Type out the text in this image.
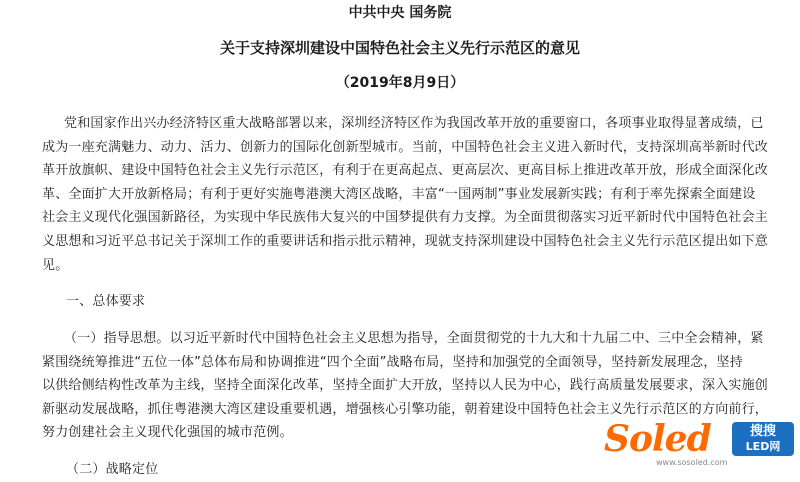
中共中央 国务院
关于支持深圳建设中国特色社会主义先行示范区的意见
（2019年8月9日）
党和国家作出兴办经济特区重大战略部署以来，深圳经济特区作为我国改革开放的重要窗口，各项事业取得显著成绩，已
成为一座充满魅力、动力、活力、创新力的国际化创新型城市。当前，中国特色社会主义进入新时代，支持深圳高举新时代改
革开放旗帜、建设中国特色社会主义先行示范区，有利于在更高起点、更高层次、更高目标上推进改革开放，形成全面深化改
革、全面扩大开放新格局；有利于更好实施粤港澳大湾区战略，丰富“一国两制”事业发展新实践；有利于率先探索全面建设
社会主义现代化强国新路径，为实现中华民族伟大复兴的中国梦提供有力支撑。为全面贯彻落实习近平新时代中国特色社会主
义思想和习近平总书记关于深圳工作的重要讲话和指示批示精神，现就支持深圳建设中国特色社会主义先行示范区提出如下意
见。
一、总体要求
（一）指导思想。以习近平新时代中国特色社会主义思想为指导，全面贯彻党的十九大和十九届二中、三中全会精神，紧
紧围绕统筹推进“五位一体”总体布局和协调推进“四个全面”战略布局，坚持和加强党的全面领导，坚持新发展理念，坚持
以供给侧结构性改革为主线，坚持全面深化改革，坚持全面扩大开放，坚持以人民为中心，践行高质量发展要求，深入实施创
新驱动发展战略，抓住粤港澳大湾区建设重要机遇，增强核心引擎功能，朝着建设中国特色社会主义先行示范区的方向前行，
努力创建社会主义现代化强国的城市范例。
（二）战略定位
Soled	搜搜
LED网
www.sosoled.com
